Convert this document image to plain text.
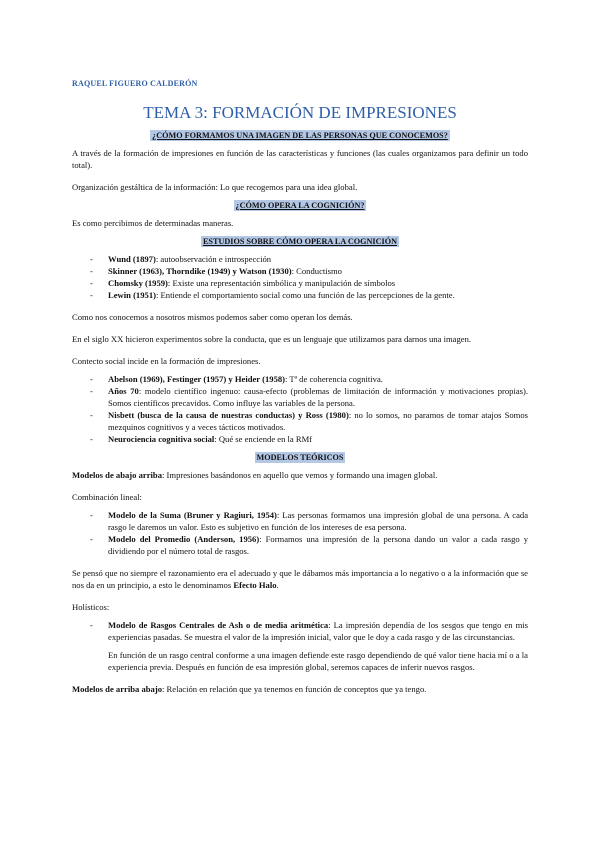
RAQUEL FIGUERO CALDERÓN
TEMA 3: FORMACIÓN DE IMPRESIONES
¿CÓMO FORMAMOS UNA IMAGEN DE LAS PERSONAS QUE CONOCEMOS?

A través de la formación de impresiones en función de las características y funciones (las cuales organizamos para definir un todo total).

Organización gestáltica de la información: Lo que recogemos para una idea global.

¿CÓMO OPERA LA COGNICIÓN?

Es como percibimos de determinadas maneras.

ESTUDIOS SOBRE CÓMO OPERA LA COGNICIÓN
- Wund (1897): autoobservación e introspección
- Skinner (1963), Thorndike (1949) y Watson (1930): Conductismo
- Chomsky (1959): Existe una representación simbólica y manipulación de símbolos
- Lewin (1951): Entiende el comportamiento social como una función de las percepciones de la gente.

Como nos conocemos a nosotros mismos podemos saber como operan los demás.

En el siglo XX hicieron experimentos sobre la conducta, que es un lenguaje que utilizamos para darnos una imagen.

Contecto social incide en la formación de impresiones.

- Abelson (1969), Festinger (1957) y Heider (1958): Tª de coherencia cognitiva.
- Años 70: modelo científico ingenuo: causa-efecto (problemas de limitación de información y motivaciones propias). Somos científicos precavidos. Como influye las variables de la persona.
- Nisbett (busca de la causa de nuestras conductas) y Ross (1980): no lo somos, no paramos de tomar atajos Somos mezquinos cognitivos y a veces tácticos motivados.
- Neurociencia cognitiva social: Qué se enciende en la RMf
MODELOS TEÓRICOS

Modelos de abajo arriba: Impresiones basándonos en aquello que vemos y formando una imagen global.

Combinación lineal:

- Modelo de la Suma (Bruner y Ragiuri, 1954): Las personas formamos una impresión global de una persona. A cada rasgo le daremos un valor. Esto es subjetivo en función de los intereses de esa persona.
- Modelo del Promedio (Anderson, 1956): Formamos una impresión de la persona dando un valor a cada rasgo y dividiendo por el número total de rasgos.

Se pensó que no siempre el razonamiento era el adecuado y que le dábamos más importancia a lo negativo o a la información que se nos da en un principio, a esto le denominamos Efecto Halo.

Holísticos:

- Modelo de Rasgos Centrales de Ash o de media aritmética: La impresión dependía de los sesgos que tengo en mis experiencias pasadas. Se muestra el valor de la impresión inicial, valor que le doy a cada rasgo y de las circunstancias.

En función de un rasgo central conforme a una imagen defiende este rasgo dependiendo de qué valor tiene hacia mí o a la experiencia previa. Después en función de esa impresión global, seremos capaces de inferir nuevos rasgos.

Modelos de arriba abajo: Relación en relación que ya tenemos en función de conceptos que ya tengo.
